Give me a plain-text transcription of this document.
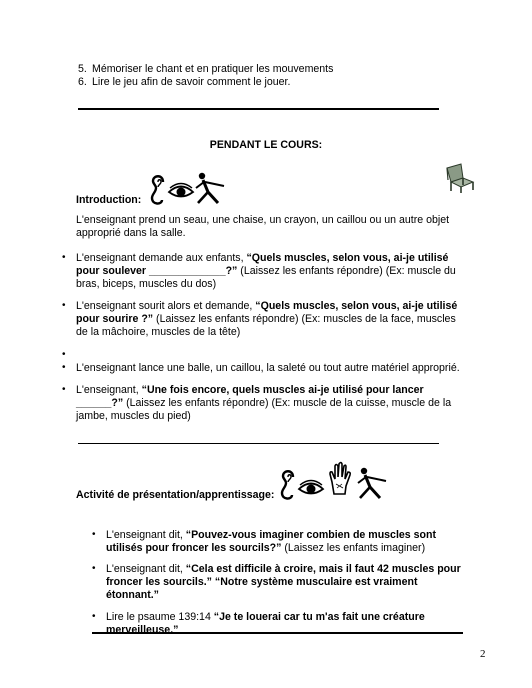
5. Mémoriser le chant et en pratiquer les mouvements
6. Lire le jeu afin de savoir comment le jouer.
PENDANT LE COURS:
Introduction:
L'enseignant prend un seau, une chaise, un crayon, un caillou ou un autre objet approprié dans la salle.
• L'enseignant demande aux enfants, “Quels muscles, selon vous, ai-je utilisé pour soulever _____________?” (Laissez les enfants répondre) (Ex: muscle du bras, biceps, muscles du dos)
• L'enseignant sourit alors et demande, “Quels muscles, selon vous, ai-je utilisé pour sourire ?” (Laissez les enfants répondre) (Ex: muscles de la face, muscles de la mâchoire, muscles de la tête)
•
• L'enseignant lance une balle, un caillou, la saleté ou tout autre matériel approprié.
• L'enseignant, “Une fois encore, quels muscles ai-je utilisé pour lancer ______?” (Laissez les enfants répondre) (Ex: muscle de la cuisse, muscle de la jambe, muscles du pied)
Activité de présentation/apprentissage:
• L'enseignant dit, “Pouvez-vous imaginer combien de muscles sont utilisés pour froncer les sourcils?” (Laissez les enfants imaginer)
• L'enseignant dit, “Cela est difficile à croire, mais il faut 42 muscles pour froncer les sourcils.” “Notre système musculaire est vraiment étonnant.”
• Lire le psaume 139:14 “Je te louerai car tu m'as fait une créature merveilleuse.”
2
